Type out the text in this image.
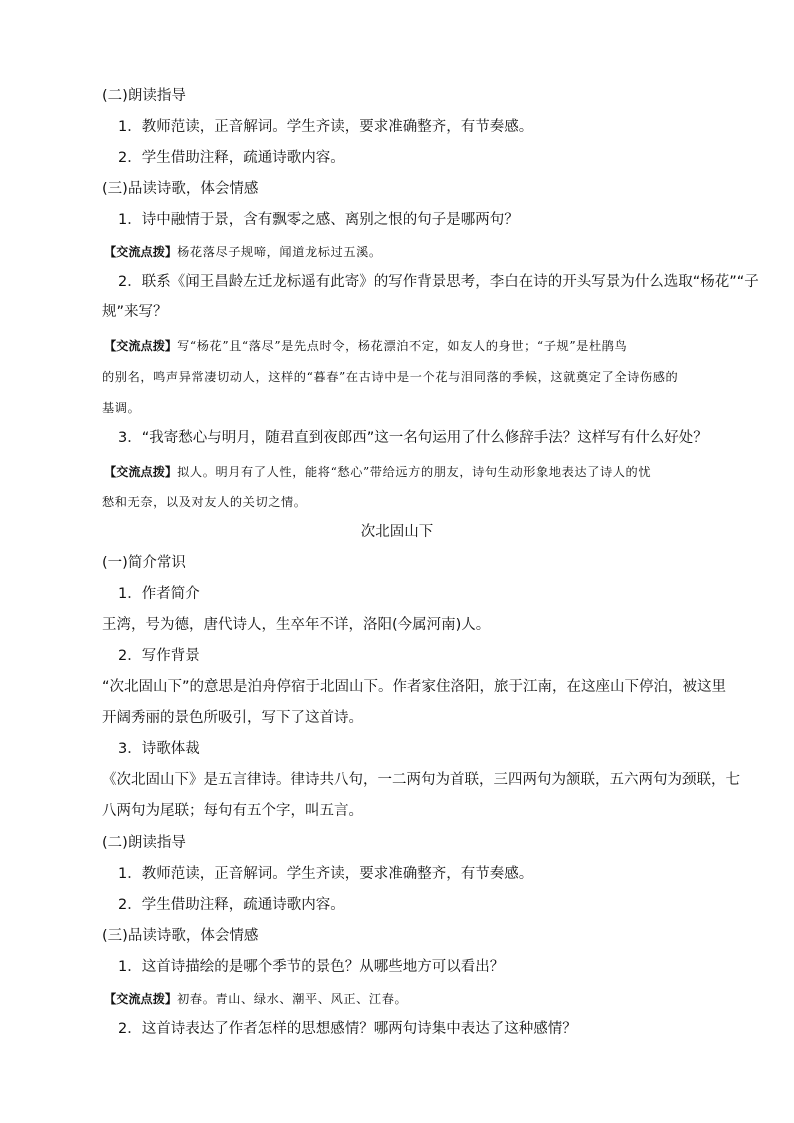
(二)朗读指导
1．教师范读，正音解词。学生齐读，要求准确整齐，有节奏感。
2．学生借助注释，疏通诗歌内容。
(三)品读诗歌，体会情感
1．诗中融情于景，含有飘零之感、离别之恨的句子是哪两句？
【交流点拨】杨花落尽子规啼，闻道龙标过五溪。
2．联系《闻王昌龄左迁龙标遥有此寄》的写作背景思考，李白在诗的开头写景为什么选取“杨花”“子
规”来写？
【交流点拨】写“杨花”且“落尽”是先点时令，杨花漂泊不定，如友人的身世；“子规”是杜鹃鸟
的别名，鸣声异常凄切动人，这样的“暮春”在古诗中是一个花与泪同落的季候，这就奠定了全诗伤感的
基调。
3．“我寄愁心与明月，随君直到夜郎西”这一名句运用了什么修辞手法？这样写有什么好处？
【交流点拨】拟人。明月有了人性，能将“愁心”带给远方的朋友，诗句生动形象地表达了诗人的忧
愁和无奈，以及对友人的关切之情。
次北固山下
(一)简介常识
1．作者简介
王湾，号为德，唐代诗人，生卒年不详，洛阳(今属河南)人。
2．写作背景
“次北固山下”的意思是泊舟停宿于北固山下。作者家住洛阳，旅于江南，在这座山下停泊，被这里
开阔秀丽的景色所吸引，写下了这首诗。
3．诗歌体裁
《次北固山下》是五言律诗。律诗共八句，一二两句为首联，三四两句为颔联，五六两句为颈联，七
八两句为尾联；每句有五个字，叫五言。
(二)朗读指导
1．教师范读，正音解词。学生齐读，要求准确整齐，有节奏感。
2．学生借助注释，疏通诗歌内容。
(三)品读诗歌，体会情感
1．这首诗描绘的是哪个季节的景色？从哪些地方可以看出？
【交流点拨】初春。青山、绿水、潮平、风正、江春。
2．这首诗表达了作者怎样的思想感情？哪两句诗集中表达了这种感情？
